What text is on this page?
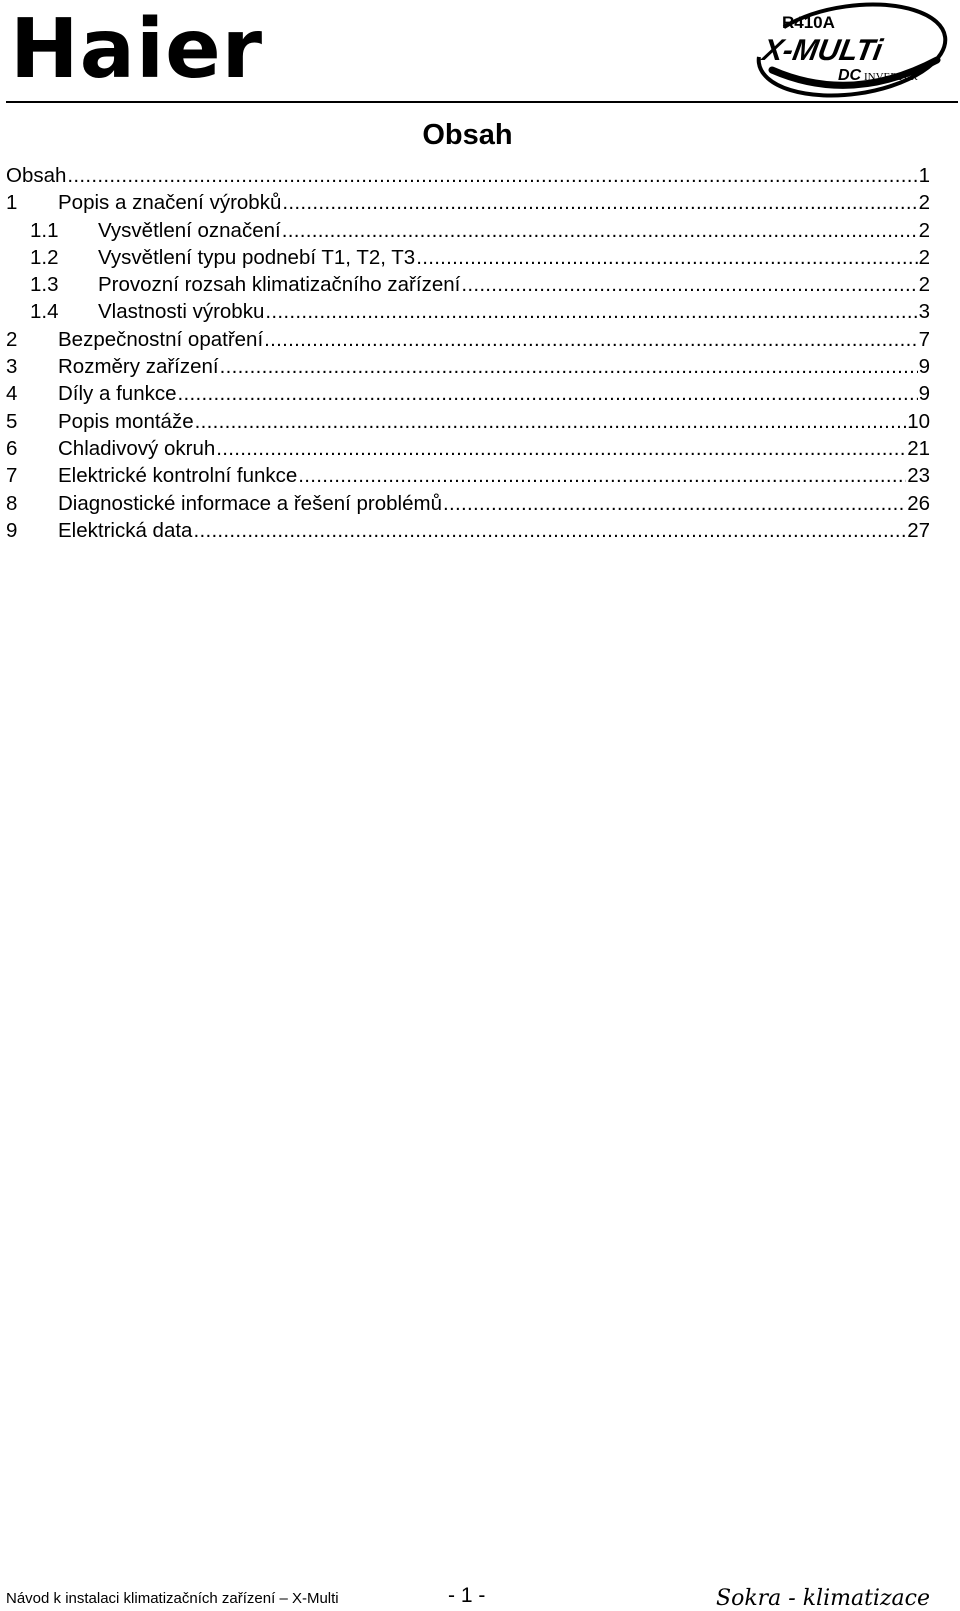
Haier	R410A
X-MULTi
DC INVERTER
Obsah
Obsah .....	1
1	Popis a značení výrobků .....	2
1.1	Vysvětlení označení .....	2
1.2	Vysvětlení typu podnebí T1, T2, T3 .....	2
1.3	Provozní rozsah klimatizačního zařízení .....	2
1.4	Vlastnosti výrobku .....	3
2	Bezpečnostní opatření .....	7
3	Rozměry zařízení .....	9
4	Díly a funkce .....	9
5	Popis montáže .....	10
6	Chladivový okruh .....	21
7	Elektrické kontrolní funkce .....	23
8	Diagnostické informace a řešení problémů .....	26
9	Elektrická data .....	27
Návod k instalaci klimatizačních zařízení – X-Multi	- 1 -	Sokra - klimatizace
